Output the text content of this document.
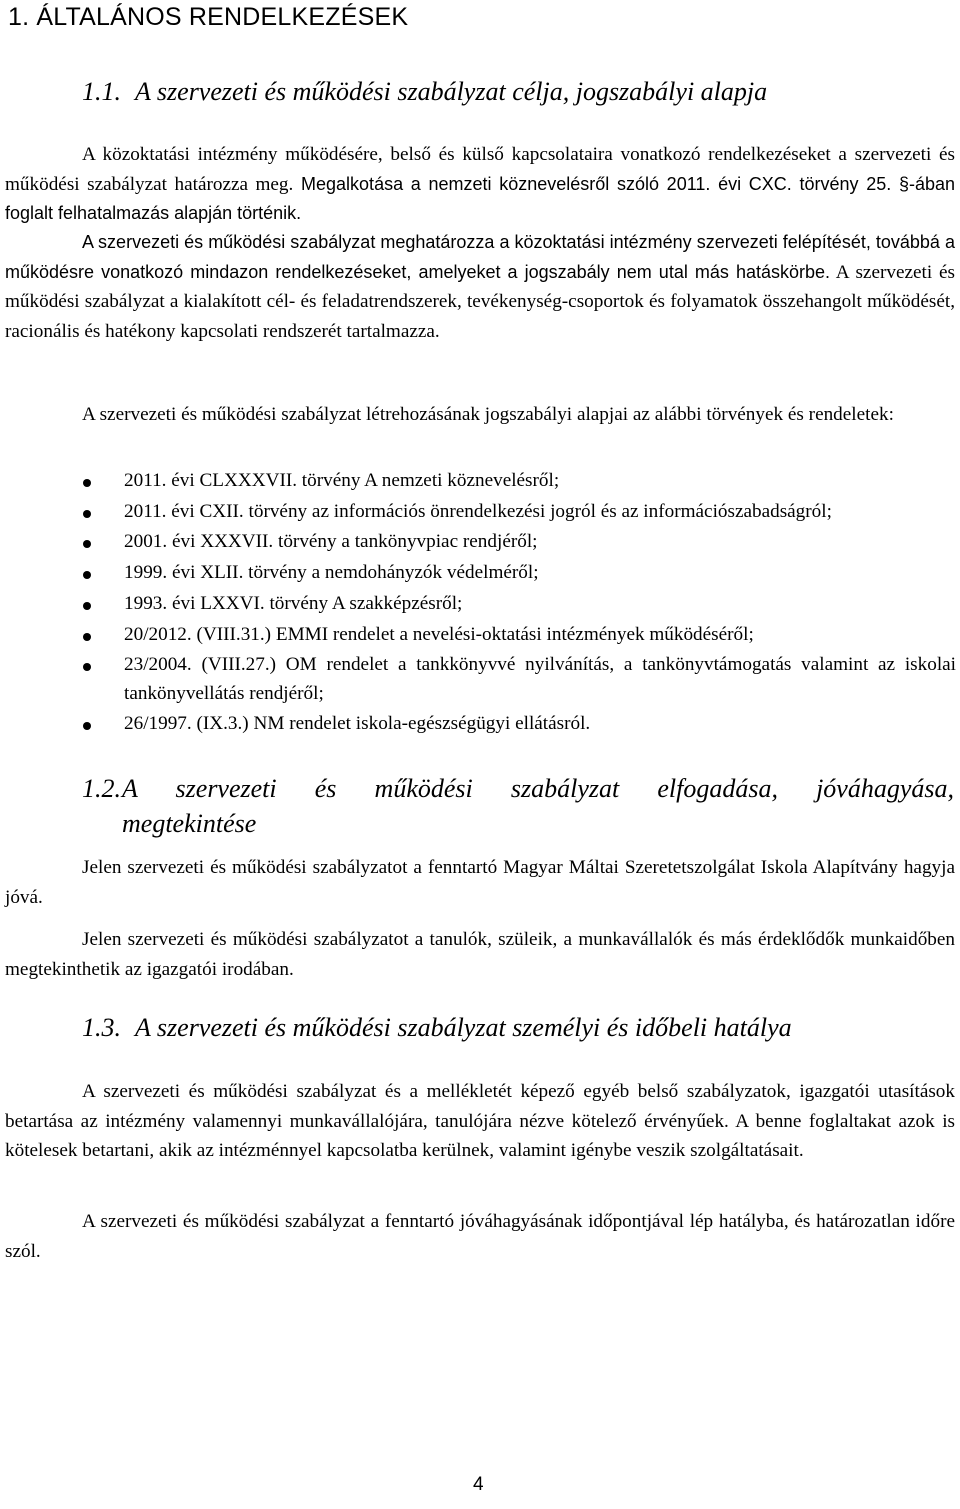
1. ÁLTALÁNOS RENDELKEZÉSEK
1.1. A szervezeti és működési szabályzat célja, jogszabályi alapja

A közoktatási intézmény működésére, belső és külső kapcsolataira vonatkozó rendelkezéseket a szervezeti és működési szabályzat határozza meg. Megalkotása a nemzeti köznevelésről szóló 2011. évi CXC. törvény 25. §-ában foglalt felhatalmazás alapján történik.

A szervezeti és működési szabályzat meghatározza a közoktatási intézmény szervezeti felépítését, továbbá a működésre vonatkozó mindazon rendelkezéseket, amelyeket a jogszabály nem utal más hatáskörbe. A szervezeti és működési szabályzat a kialakított cél- és feladatrendszerek, tevékenység-csoportok és folyamatok összehangolt működését, racionális és hatékony kapcsolati rendszerét tartalmazza.

A szervezeti és működési szabályzat létrehozásának jogszabályi alapjai az alábbi törvények és rendeletek:

2011. évi CLXXXVII. törvény A nemzeti köznevelésről;
2011. évi CXII. törvény az információs önrendelkezési jogról és az információszabadságról;
2001. évi XXXVII. törvény a tankönyvpiac rendjéről;
1999. évi XLII. törvény a nemdohányzók védelméről;
1993. évi LXXVI. törvény A szakképzésről;
20/2012. (VIII.31.) EMMI rendelet a nevelési-oktatási intézmények működéséről;
23/2004. (VIII.27.) OM rendelet a tankkönyvvé nyilvánítás, a tankönyvtámogatás valamint az iskolai tankönyvellátás rendjéről;
26/1997. (IX.3.) NM rendelet iskola-egészségügyi ellátásról.
1.2. A szervezeti és működési szabályzat elfogadása, jóváhagyása,
megtekintése

Jelen szervezeti és működési szabályzatot a fenntartó Magyar Máltai Szeretetszolgálat Iskola Alapítvány hagyja jóvá.

Jelen szervezeti és működési szabályzatot a tanulók, szüleik, a munkavállalók és más érdeklődők munkaidőben megtekinthetik az igazgatói irodában.

1.3. A szervezeti és működési szabályzat személyi és időbeli hatálya

A szervezeti és működési szabályzat és a mellékletét képező egyéb belső szabályzatok, igazgatói utasítások betartása az intézmény valamennyi munkavállalójára, tanulójára nézve kötelező érvényűek. A benne foglaltakat azok is kötelesek betartani, akik az intézménnyel kapcsolatba kerülnek, valamint igénybe veszik szolgáltatásait.

A szervezeti és működési szabályzat a fenntartó jóváhagyásának időpontjával lép hatályba, és határozatlan időre szól.

4
